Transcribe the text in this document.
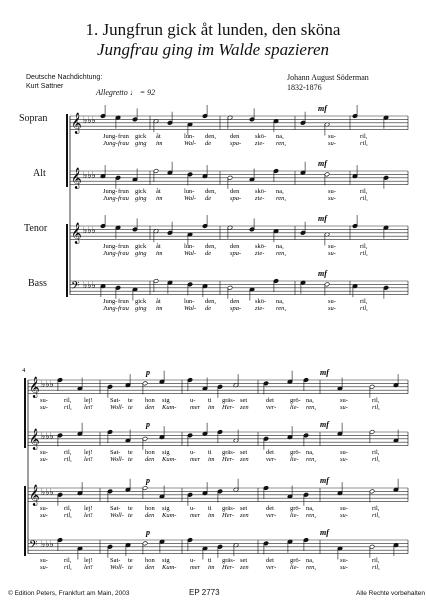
1. Jungfrun gick åt lunden, den sköna
Jungfrau ging im Walde spazieren
Deutsche Nachdichtung:
Kurt Sattner
Johann August Söderman
1832-1876
Allegretto ♩ = 92
Sopran
Alt
Tenor
Bass
𝄞 ♭♭♭
mf
𝄞 ♭♭♭
mf
𝄞 ♭♭♭
mf
𝄢 ♭♭♭
mf
Jung- frun gick åt	lun- den, den skö- na,	su-	ril,
Jung- frau ging im	Wal- de	spa- zie- ren,	su-	ril,
Jung- frun gick åt	lun- den, den skö- na,	su-	ril,
Jung- frau ging im	Wal- de	spa- zie- ren,	su-	ril,
Jung- frun gick åt	lun- den, den skö- na,	su-	ril,
Jung- frau ging im	Wal- de	spa- zie- ren,	su-	ril,
Jung- frun gick åt	lun- den, den skö- na,	su-	ril,
Jung- frau ging im	Wal- de	spa- zie- ren,	su-	ril,
4
𝄞 ♭♭♭
p	mf
𝄞 ♭♭♭
p	mf
𝄞 ♭♭♭
p	mf
𝄢 ♭♭♭
p	mf
su- ril, lej!	Sat- te hon sig	u- ti gräs- set	det grö- na,	su-	ril,
su- ril, lei!	Woll- te den Kum- mer im Her- zen	ver- lie- ren,	su-	ril,
su- ril, lej!	Sat- te hon sig	u- ti gräs- set	det grö- na,	su-	ril,
su- ril, lei!	Woll- te den Kum- mer im Her- zen	ver- lie- ren,	su-	ril,
su- ril, lej!	Sat- te hon sig	u- ti gräs- set	det grö- na,	su-	ril,
su- ril, lei!	Woll- te den Kum- mer im Her- zen	ver- lie- ren,	su-	ril,
su- ril, lej!	Sat- te hon sig	u- ti gräs- set	det grö- na,	su-	ril,
su- ril, lei!	Woll- te den Kum- mer im Her- zen	ver- lie- ren,	su-	ril,
© Edition Peters, Frankfurt am Main, 2003	EP 2773	Alle Rechte vorbehalten
